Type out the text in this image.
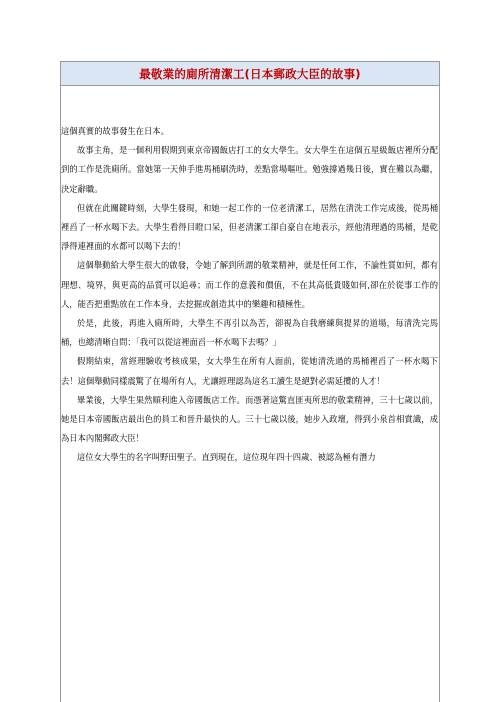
最敬業的廁所清潔工(日本郵政大臣的故事)

這個真實的故事發生在日本。

故事主角，是一個利用假期到東京帝國飯店打工的女大學生。女大學生在這個五星級飯店裡所分配到的工作是洗廁所。當她第一天伸手進馬桶刷洗時，差點當場嘔吐。勉強撐過幾日後，實在難以為繼，決定辭職。

但就在此關鍵時刻，大學生發現，和她一起工作的一位老清潔工，居然在清洗工作完成後，從馬桶裡舀了一杯水喝下去。大學生看得目瞪口呆，但老清潔工卻自豪自在地表示，經他清理過的馬桶，是乾淨得連裡面的水都可以喝下去的！

這個舉動給大學生很大的啟發，令她了解到所謂的敬業精神，就是任何工作，不論性質如何，都有理想、境界，與更高的品質可以追尋；而工作的意義和價值，不在其高低貴賤如何,卻在於從事工作的人，能否把重點放在工作本身，去挖掘或創造其中的樂趣和積極性。

於是，此後，再進入廁所時，大學生不再引以為苦，卻視為自我磨練與提昇的道場，每清洗完馬桶，也總清晰自問：「我可以從這裡面舀一杯水喝下去嗎？」

假期結束，當經理驗收考核成果，女大學生在所有人面前，從她清洗過的馬桶裡舀了一杯水喝下去！這個舉動同樣震驚了在場所有人，尤讓經理認為這名工讀生是絕對必需延攬的人才！

畢業後，大學生果然順利進入帝國飯店工作。而憑著這驚直匪夷所思的敬業精神，三十七歲以前，她是日本帝國飯店最出色的員工和晉升最快的人。三十七歲以後，她步入政壇，得到小泉首相賞識，成為日本內閣郵政大臣！

這位女大學生的名字叫野田聖子。直到現在，這位現年四十四歲、被認為極有潛力
